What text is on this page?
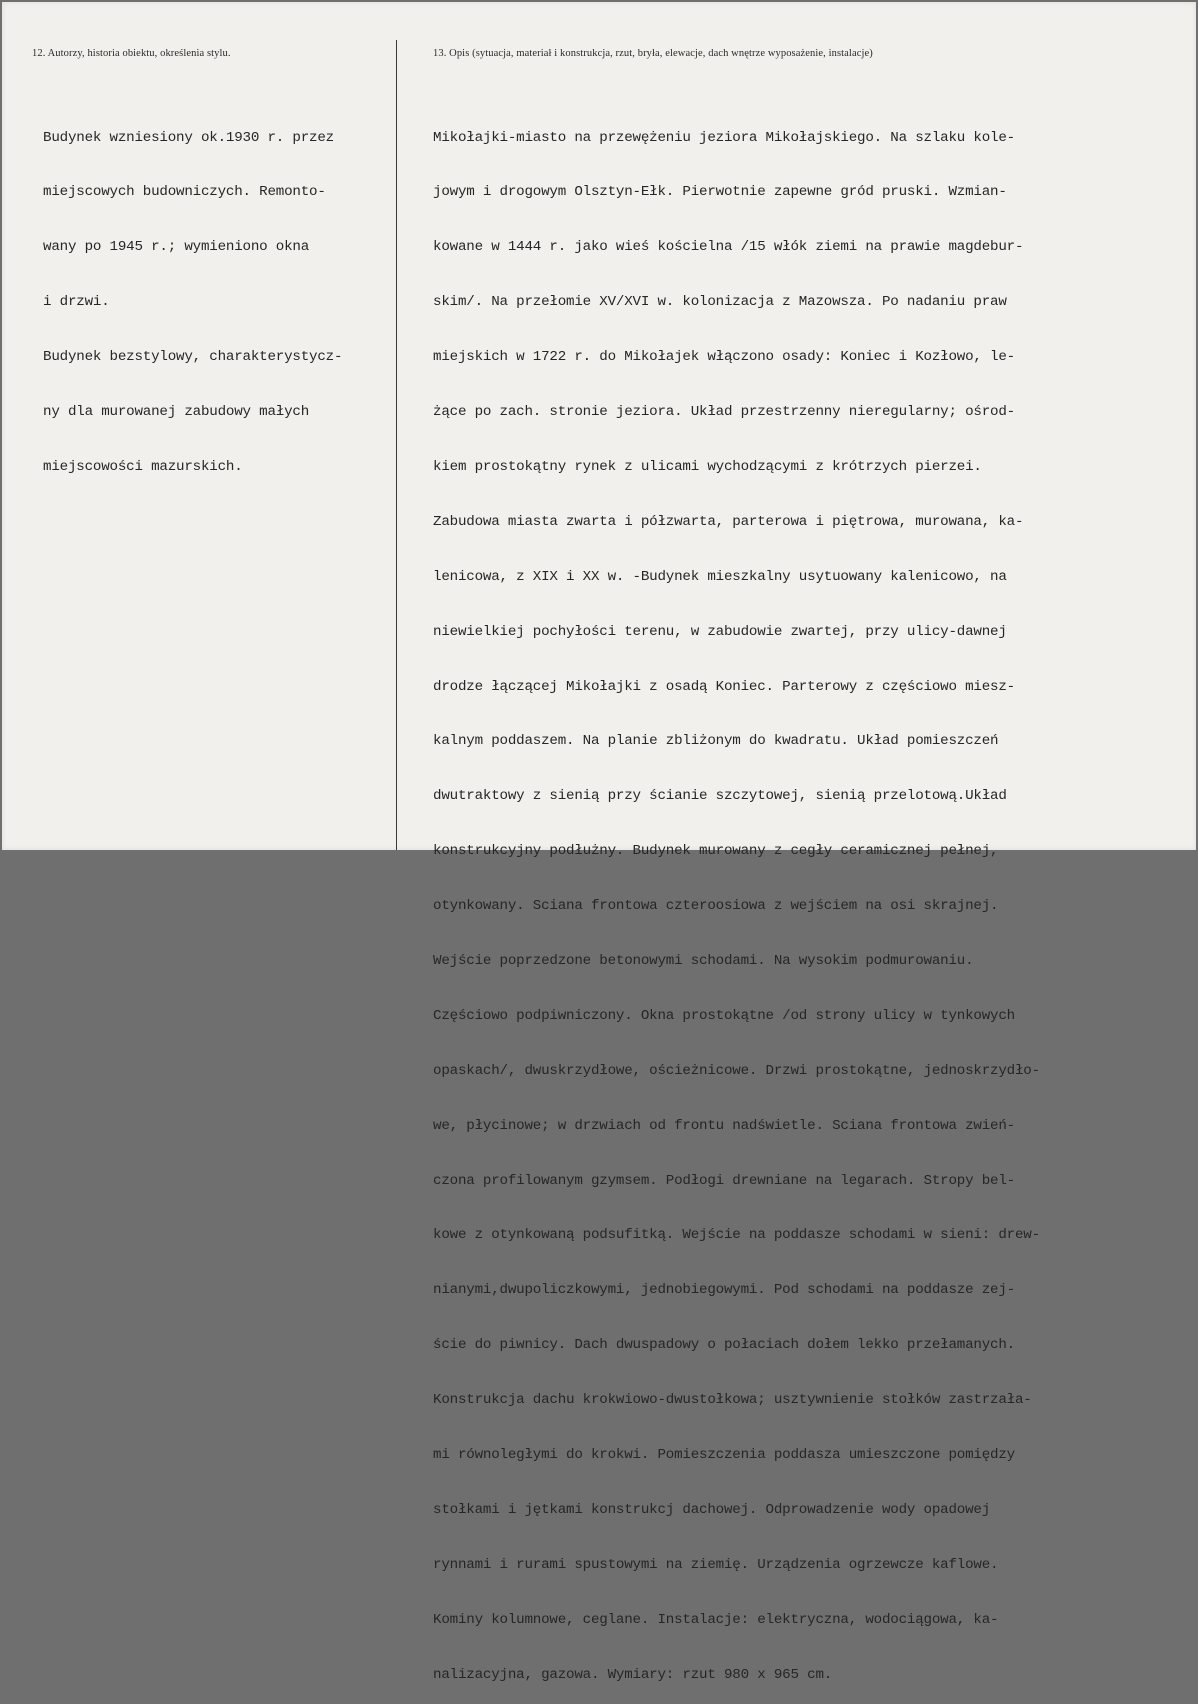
12. Autorzy, historia obiektu, określenia stylu.	13. Opis (sytuacja, materiał i konstrukcja, rzut, bryła, elewacje, dach wnętrze wyposażenie, instalacje)

Budynek wzniesiony ok.1930 r. przez

miejscowych budowniczych. Remonto-

wany po 1945 r.; wymieniono okna

i drzwi.

Budynek bezstylowy, charakterystycz-

ny dla murowanej zabudowy małych

miejscowości mazurskich.

Mikołajki-miasto na przewężeniu jeziora Mikołajskiego. Na szlaku kole-

jowym i drogowym Olsztyn-Ełk. Pierwotnie zapewne gród pruski. Wzmian-

kowane w 1444 r. jako wieś kościelna /15 włók ziemi na prawie magdebur-

skim/. Na przełomie XV/XVI w. kolonizacja z Mazowsza. Po nadaniu praw

miejskich w 1722 r. do Mikołajek włączono osady: Koniec i Kozłowo, le-

żące po zach. stronie jeziora. Układ przestrzenny nieregularny; ośrod-

kiem prostokątny rynek z ulicami wychodzącymi z krótrzych pierzei.

Zabudowa miasta zwarta i półzwarta, parterowa i piętrowa, murowana, ka-

lenicowa, z XIX i XX w. -Budynek mieszkalny usytuowany kalenicowo, na

niewielkiej pochyłości terenu, w zabudowie zwartej, przy ulicy-dawnej

drodze łączącej Mikołajki z osadą Koniec. Parterowy z częściowo miesz-

kalnym poddaszem. Na planie zbliżonym do kwadratu. Układ pomieszczeń

dwutraktowy z sienią przy ścianie szczytowej, sienią przelotową.Układ

konstrukcyjny podłużny. Budynek murowany z cegły ceramicznej pełnej,

otynkowany. Sciana frontowa czteroosiowa z wejściem na osi skrajnej.

Wejście poprzedzone betonowymi schodami. Na wysokim podmurowaniu.

Częściowo podpiwniczony. Okna prostokątne /od strony ulicy w tynkowych

opaskach/, dwuskrzydłowe, ościeżnicowe. Drzwi prostokątne, jednoskrzydło-

we, płycinowe; w drzwiach od frontu nadświetle. Sciana frontowa zwień-

czona profilowanym gzymsem. Podłogi drewniane na legarach. Stropy bel-

kowe z otynkowaną podsufitką. Wejście na poddasze schodami w sieni: drew-

nianymi,dwupoliczkowymi, jednobiegowymi. Pod schodami na poddasze zej-

ście do piwnicy. Dach dwuspadowy o połaciach dołem lekko przełamanych.

Konstrukcja dachu krokwiowo-dwustołkowa; usztywnienie stołków zastrzała-

mi równoległymi do krokwi. Pomieszczenia poddasza umieszczone pomiędzy

stołkami i jętkami konstrukcj dachowej. Odprowadzenie wody opadowej

rynnami i rurami spustowymi na ziemię. Urządzenia ogrzewcze kaflowe.

Kominy kolumnowe, ceglane. Instalacje: elektryczna, wodociągowa, ka-

nalizacyjna, gazowa. Wymiary: rzut 980 x 965 cm.
